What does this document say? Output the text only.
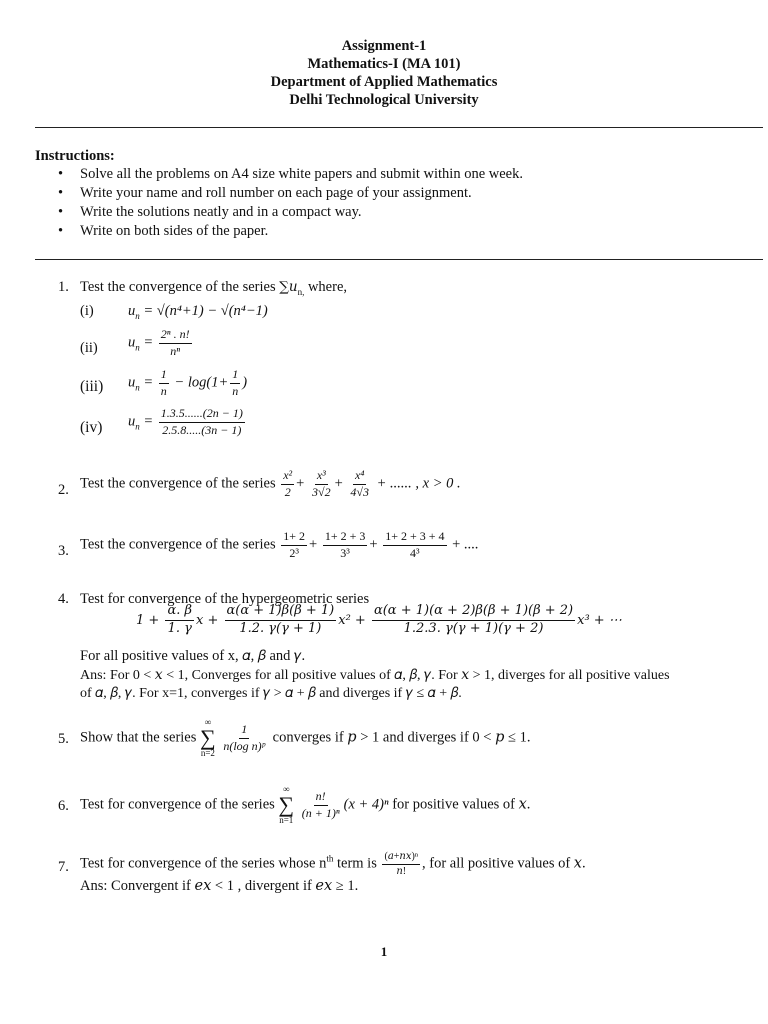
Assignment-1
Mathematics-I (MA 101)
Department of Applied Mathematics
Delhi Technological University
Instructions:
• Solve all the problems on A4 size white papers and submit within one week.
• Write your name and roll number on each page of your assignment.
• Write the solutions neatly and in a compact way.
• Write on both sides of the paper.
1. Test the convergence of the series ∑𝑢$_{n,}$ where,
(i) $u_n = √(n^4+1) - √(n^4-1)$
(ii) $u_n = \frac{\text{2ⁿ . n!}}{\text{nⁿ}}$
(iii) $u_n = \frac{1}{n} - \log(1+ \frac{1}{n}$ )
(iv) $u_n = \frac{1.3.5......(2n - 1)}{2.5.8.....(3n - 1)}$
2. Test the convergence of the series $\frac{\text{x²}}{2} + \frac{\text{x³}}{3√2} + \frac{\text{x⁴}}{4√3}$ + ...... , x > 0 .
3. Test the convergence of the series $\frac{1+ 2}{\text{2³}} + \frac{1+ 2 + 3}{\text{3³}} + \frac{1+ 2 + 3 + 4}{\text{4³}}$ + ....
4. Test for convergence of the hypergeometric series
$1 + \frac{\alpha. \beta}{1. \gamma}$ 𝑥 + $\frac{\alpha(\alpha + 1)\beta(\beta + 1)}{1.2. \gamma(\gamma + 1)}$ 𝑥² + $\frac{\alpha(\alpha + 1)(\alpha + 2)\beta(\beta + 1)(\beta + 2)}{1.2.3. \gamma(\gamma + 1)(\gamma + 2)} x^3$ + ⋯
For all positive values of x, 𝛼, 𝛽 and 𝛾.
Ans: For 0 < 𝑥 < 1, Converges for all positive values of 𝛼, 𝛽, 𝛾. For 𝑥 > 1, diverges for all positive values
of 𝛼, 𝛽, 𝛾. For x=1, converges if 𝛾 > 𝛼 + 𝛽 and diverges if 𝛾 ≤ 𝛼 + 𝛽.
5. Show that the series
∞
∑
n=2
$\frac{1}{\text{n(log n)ᵖ}}$ converges if 𝑝 > 1 and diverges if 0 < 𝑝 ≤ 1.
6. Test for convergence of the series
∞
∑
n=1
$\frac{n!}{\text{(n + 1)ⁿ}} (x + 4)^n$ for positive values of 𝑥.
7. Test for convergence of the series whose $n^{th}$ term is $\frac{\text{(𝑎+𝑛𝑥)ⁿ}}{\text{𝑛!}}$ , for all positive values of 𝑥.
Ans: Convergent if 𝑒𝑥 < 1 , divergent if 𝑒𝑥 ≥ 1.
1
